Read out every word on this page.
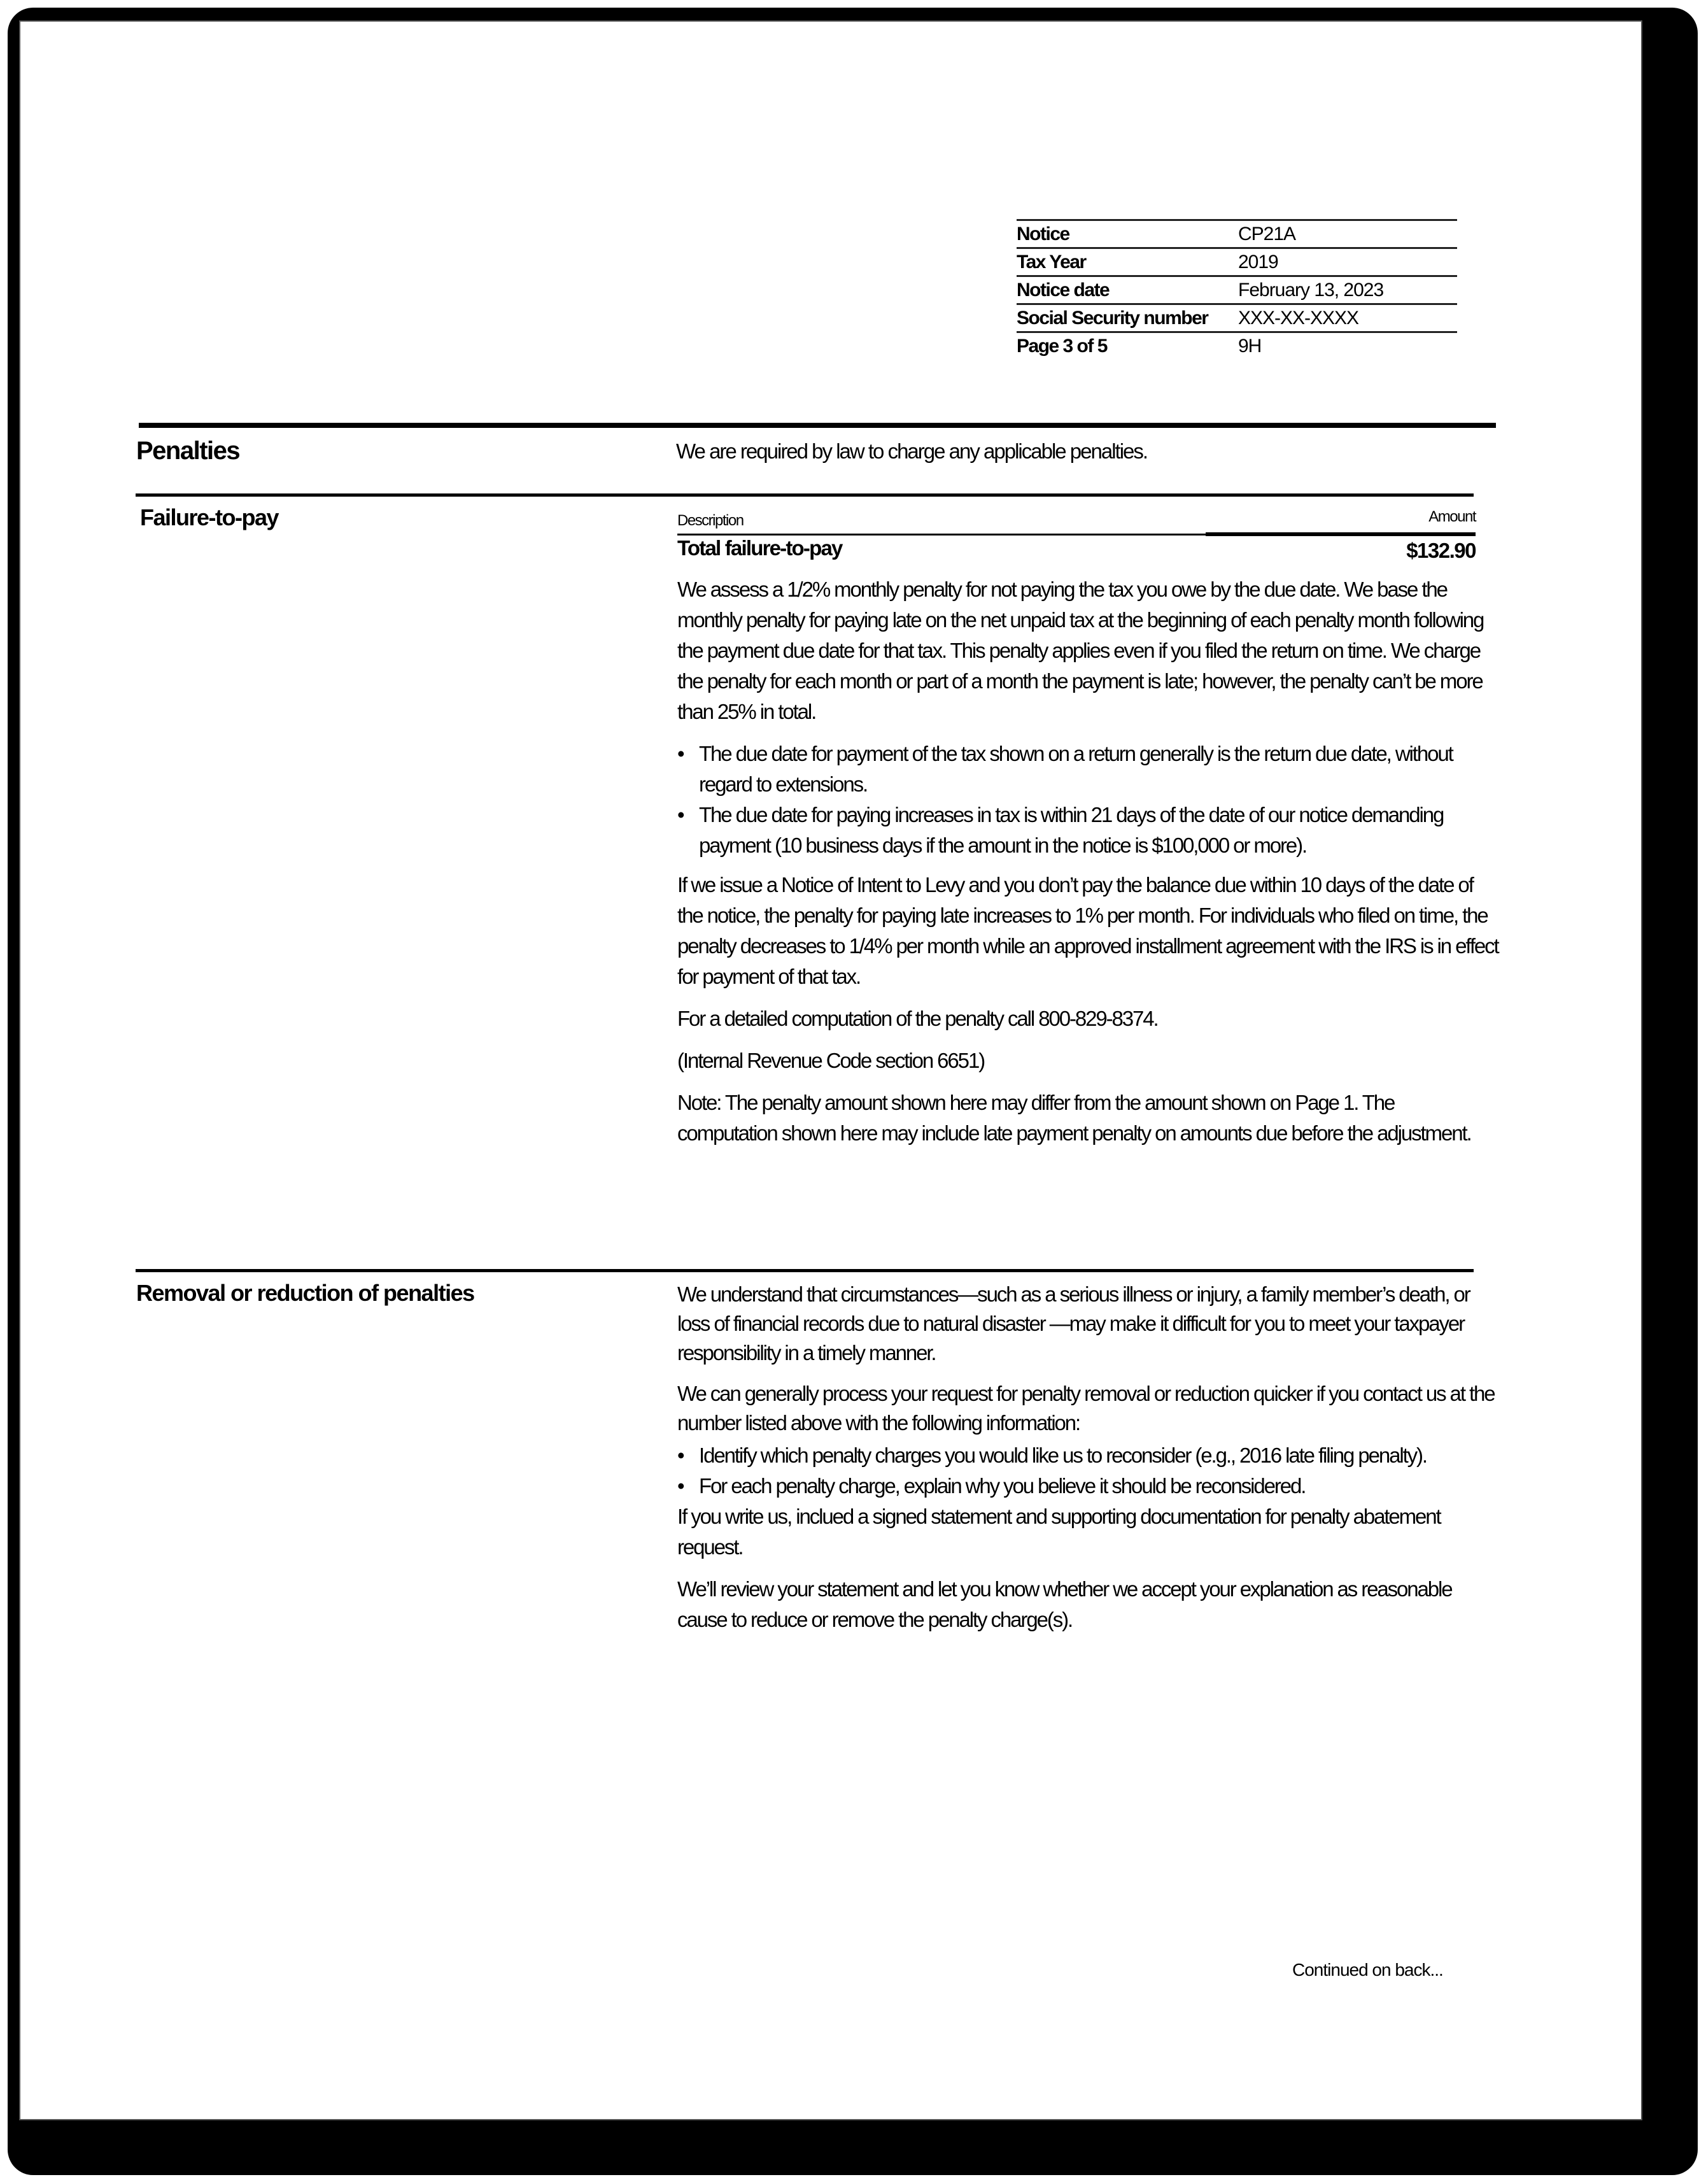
Notice	CP21A
Tax Year	2019
Notice date	February 13, 2023
Social Security number	XXX-XX-XXXX
Page 3 of 5	9H
Penalties	We are required by law to charge any applicable penalties.
Failure-to-pay	Description	Amount
Total failure-to-pay	$132.90

We assess a 1/2% monthly penalty for not paying the tax you owe by the due date. We base the monthly penalty for paying late on the net unpaid tax at the beginning of each penalty month following the payment due date for that tax. This penalty applies even if you filed the return on time. We charge the penalty for each month or part of a month the payment is late; however, the penalty can’t be more than 25% in total.

• The due date for payment of the tax shown on a return generally is the return due date, without regard to extensions.
• The due date for paying increases in tax is within 21 days of the date of our notice demanding payment (10 business days if the amount in the notice is $100,000 or more).

If we issue a Notice of Intent to Levy and you don’t pay the balance due within 10 days of the date of the notice, the penalty for paying late increases to 1% per month. For individuals who filed on time, the penalty decreases to 1/4% per month while an approved installment agreement with the IRS is in effect for payment of that tax.

For a detailed computation of the penalty call 800-829-8374.

(Internal Revenue Code section 6651)

Note: The penalty amount shown here may differ from the amount shown on Page 1. The computation shown here may include late payment penalty on amounts due before the adjustment.

Removal or reduction of penalties	We understand that circumstances—such as a serious illness or injury, a family member’s death, or loss of financial records due to natural disaster —may make it difficult for you to meet your taxpayer responsibility in a timely manner.

We can generally process your request for penalty removal or reduction quicker if you contact us at the number listed above with the following information:

• Identify which penalty charges you would like us to reconsider (e.g., 2016 late filing penalty).
• For each penalty charge, explain why you believe it should be reconsidered.

If you write us, inclued a signed statement and supporting documentation for penalty abatement request.

We’ll review your statement and let you know whether we accept your explanation as reasonable cause to reduce or remove the penalty charge(s).

Continued on back...
